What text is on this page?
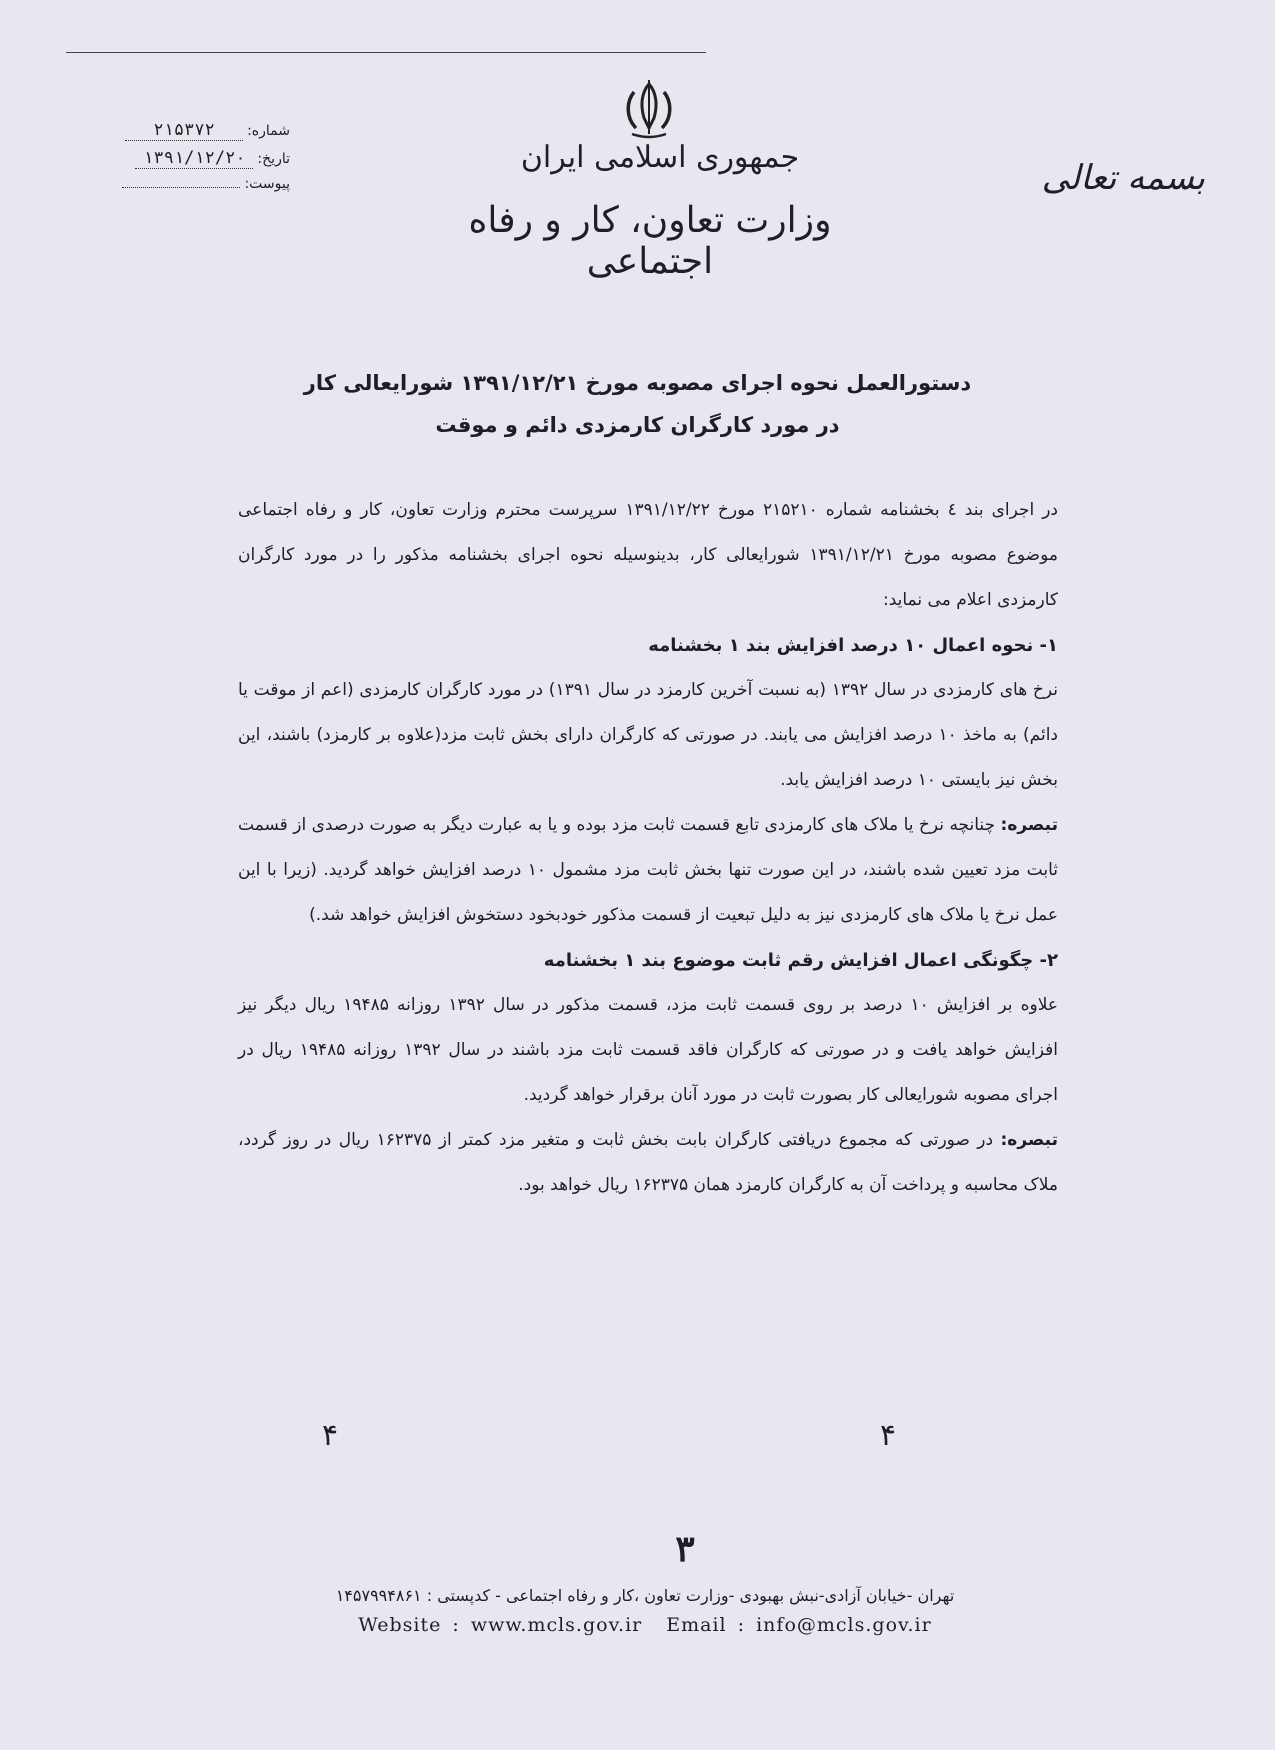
جمهوری اسلامی ایران
وزارت تعاون، کار و رفاه اجتماعی
بسمه تعالی
شماره:
۲۱۵۳۷۲
تاریخ:
۱۳۹۱/۱۲/۲۰
پیوست:
دستورالعمل نحوه اجرای مصوبه مورخ ۱۳۹۱/۱۲/۲۱ شورایعالی کار
در مورد کارگران کارمزدی دائم و موقت

در اجرای بند ٤ بخشنامه شماره ۲۱۵۲۱۰ مورخ ۱۳۹۱/۱۲/۲۲ سرپرست محترم وزارت تعاون، کار و رفاه اجتماعی موضوع مصوبه مورخ ۱۳۹۱/۱۲/۲۱ شورایعالی کار، بدینوسیله نحوه اجرای بخشنامه مذکور را در مورد کارگران کارمزدی اعلام می نماید:

۱- نحوه اعمال ۱۰ درصد افزایش بند ۱ بخشنامه

نرخ های کارمزدی در سال ۱۳۹۲ (به نسبت آخرین کارمزد در سال ۱۳۹۱) در مورد کارگران کارمزدی (اعم از موقت یا دائم) به ماخذ ۱۰ درصد افزایش می یابند. در صورتی که کارگران دارای بخش ثابت مزد(علاوه بر کارمزد) باشند، این بخش نیز بایستی ۱۰ درصد افزایش یابد.

تبصره: چنانچه نرخ یا ملاک های کارمزدی تابع قسمت ثابت مزد بوده و یا به عبارت دیگر به صورت درصدی از قسمت ثابت مزد تعیین شده باشند، در این صورت تنها بخش ثابت مزد مشمول ۱۰ درصد افزایش خواهد گردید. (زیرا با این عمل نرخ یا ملاک های کارمزدی نیز به دلیل تبعیت از قسمت مذکور خودبخود دستخوش افزایش خواهد شد.)

۲- چگونگی اعمال افزایش رقم ثابت موضوع بند ۱ بخشنامه

علاوه بر افزایش ۱۰ درصد بر روی قسمت ثابت مزد، قسمت مذکور در سال ۱۳۹۲ روزانه ۱۹۴۸۵ ریال دیگر نیز افزایش خواهد یافت و در صورتی که کارگران فاقد قسمت ثابت مزد باشند در سال ۱۳۹۲ روزانه ۱۹۴۸۵ ریال در اجرای مصوبه شورایعالی کار بصورت ثابت در مورد آنان برقرار خواهد گردید.

تبصره: در صورتی که مجموع دریافتی کارگران بابت بخش ثابت و متغیر مزد کمتر از ۱۶۲۳۷۵ ریال در روز گردد، ملاک محاسبه و پرداخت آن به کارگران کارمزد همان ۱۶۲۳۷۵ ریال خواهد بود.

۴	۴
۳
تهران -خیابان آزادی-نبش بهبودی -وزارت تعاون ،کار و رفاه اجتماعی - کدپستی : ۱۴۵۷۹۹۴۸۶۱
Website : www.mcls.gov.ir Email : info@mcls.gov.ir
